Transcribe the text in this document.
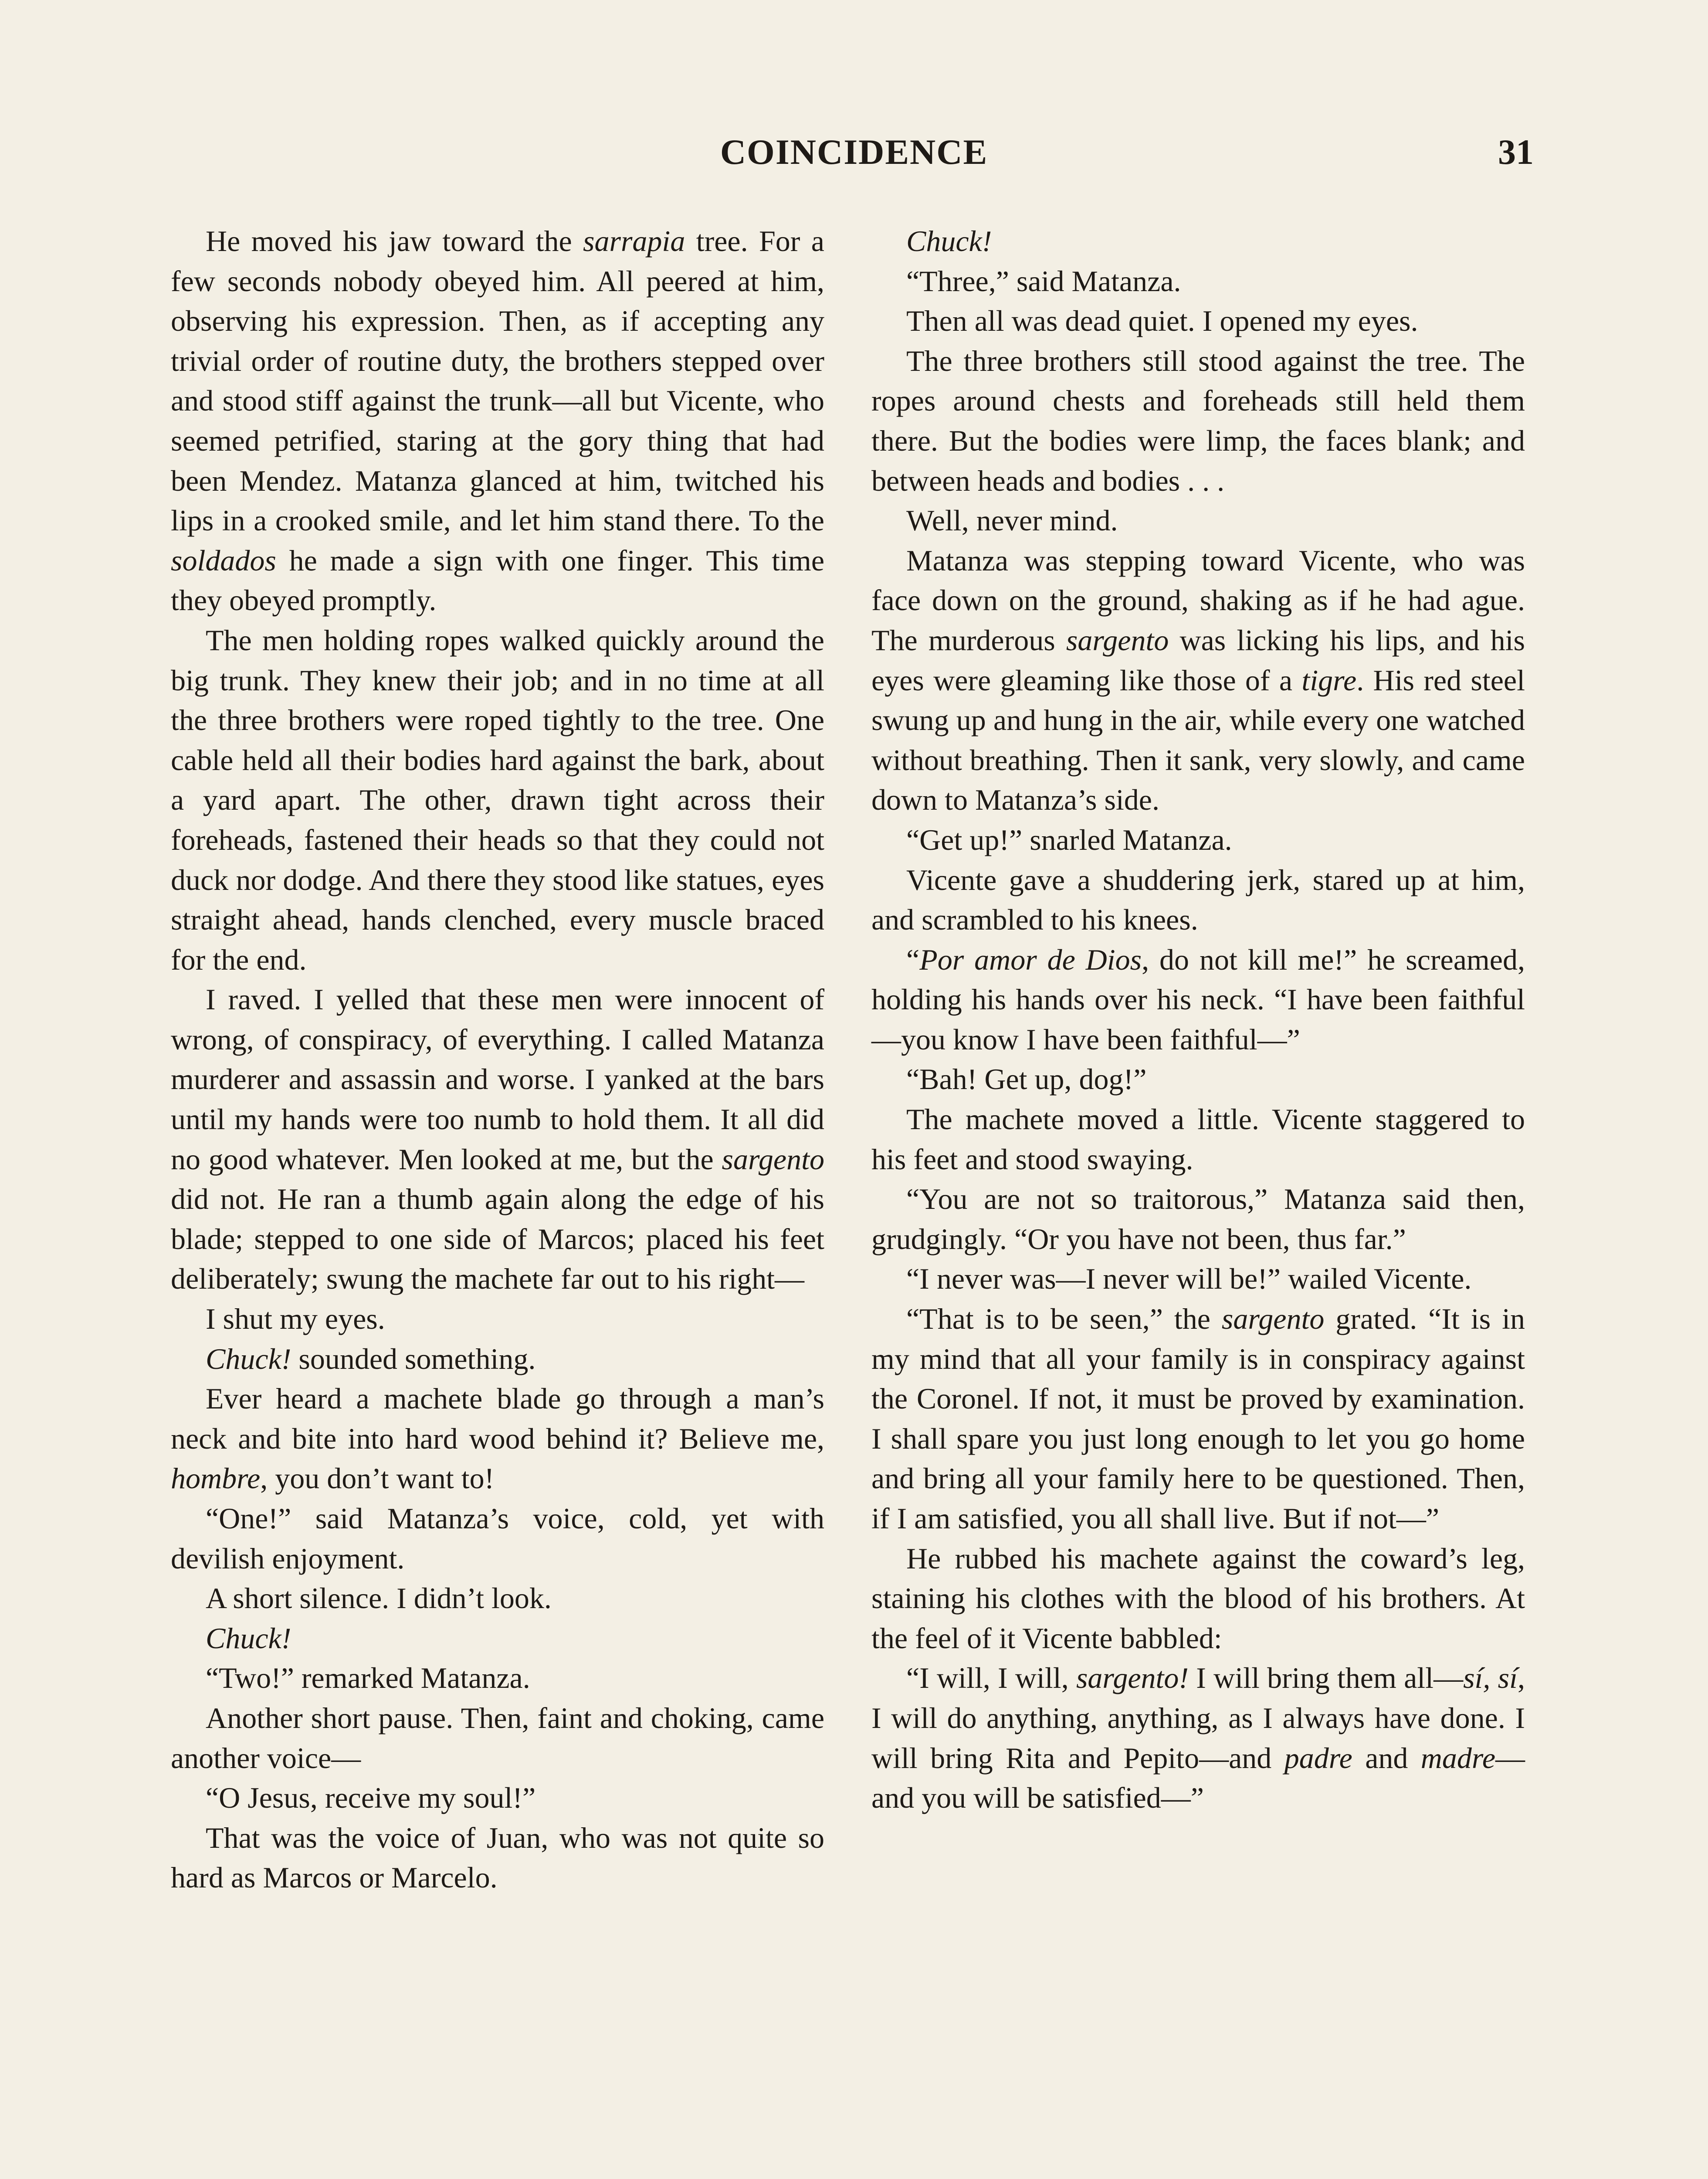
COINCIDENCE	31

He moved his jaw toward the sarrapia tree. For a few seconds nobody obeyed him. All peered at him, observing his expression. Then, as if accepting any trivial order of routine duty, the brothers stepped over and stood stiff against the trunk—all but Vicente, who seemed petrified, staring at the gory thing that had been Mendez. Matanza glanced at him, twitched his lips in a crooked smile, and let him stand there. To the soldados he made a sign with one finger. This time they obeyed promptly.

The men holding ropes walked quickly around the big trunk. They knew their job; and in no time at all the three brothers were roped tightly to the tree. One cable held all their bodies hard against the bark, about a yard apart. The other, drawn tight across their foreheads, fastened their heads so that they could not duck nor dodge. And there they stood like statues, eyes straight ahead, hands clenched, every muscle braced for the end.

I raved. I yelled that these men were innocent of wrong, of conspiracy, of everything. I called Matanza murderer and assassin and worse. I yanked at the bars until my hands were too numb to hold them. It all did no good whatever. Men looked at me, but the sargento did not. He ran a thumb again along the edge of his blade; stepped to one side of Marcos; placed his feet deliberately; swung the machete far out to his right—

I shut my eyes.

Chuck! sounded something.

Ever heard a machete blade go through a man’s neck and bite into hard wood behind it? Believe me, hombre, you don’t want to!

“One!” said Matanza’s voice, cold, yet with devilish enjoyment.

A short silence. I didn’t look.

Chuck!

“Two!” remarked Matanza.

Another short pause. Then, faint and choking, came another voice—

“O Jesus, receive my soul!”

That was the voice of Juan, who was not quite so hard as Marcos or Marcelo.

Chuck!

“Three,” said Matanza.

Then all was dead quiet. I opened my eyes.

The three brothers still stood against the tree. The ropes around chests and foreheads still held them there. But the bodies were limp, the faces blank; and between heads and bodies . . .

Well, never mind.

Matanza was stepping toward Vicente, who was face down on the ground, shaking as if he had ague. The murderous sargento was licking his lips, and his eyes were gleaming like those of a tigre. His red steel swung up and hung in the air, while every one watched without breathing. Then it sank, very slowly, and came down to Matanza’s side.

“Get up!” snarled Matanza.

Vicente gave a shuddering jerk, stared up at him, and scrambled to his knees.

“Por amor de Dios, do not kill me!” he screamed, holding his hands over his neck. “I have been faithful—you know I have been faithful—”

“Bah! Get up, dog!”

The machete moved a little. Vicente staggered to his feet and stood swaying.

“You are not so traitorous,” Matanza said then, grudgingly. “Or you have not been, thus far.”

“I never was—I never will be!” wailed Vicente.

“That is to be seen,” the sargento grated. “It is in my mind that all your family is in conspiracy against the Coronel. If not, it must be proved by examination. I shall spare you just long enough to let you go home and bring all your family here to be questioned. Then, if I am satisfied, you all shall live. But if not—”

He rubbed his machete against the coward’s leg, staining his clothes with the blood of his brothers. At the feel of it Vicente babbled:

“I will, I will, sargento! I will bring them all—sí, sí, I will do anything, anything, as I always have done. I will bring Rita and Pepito—and padre and madre—and you will be satisfied—”
